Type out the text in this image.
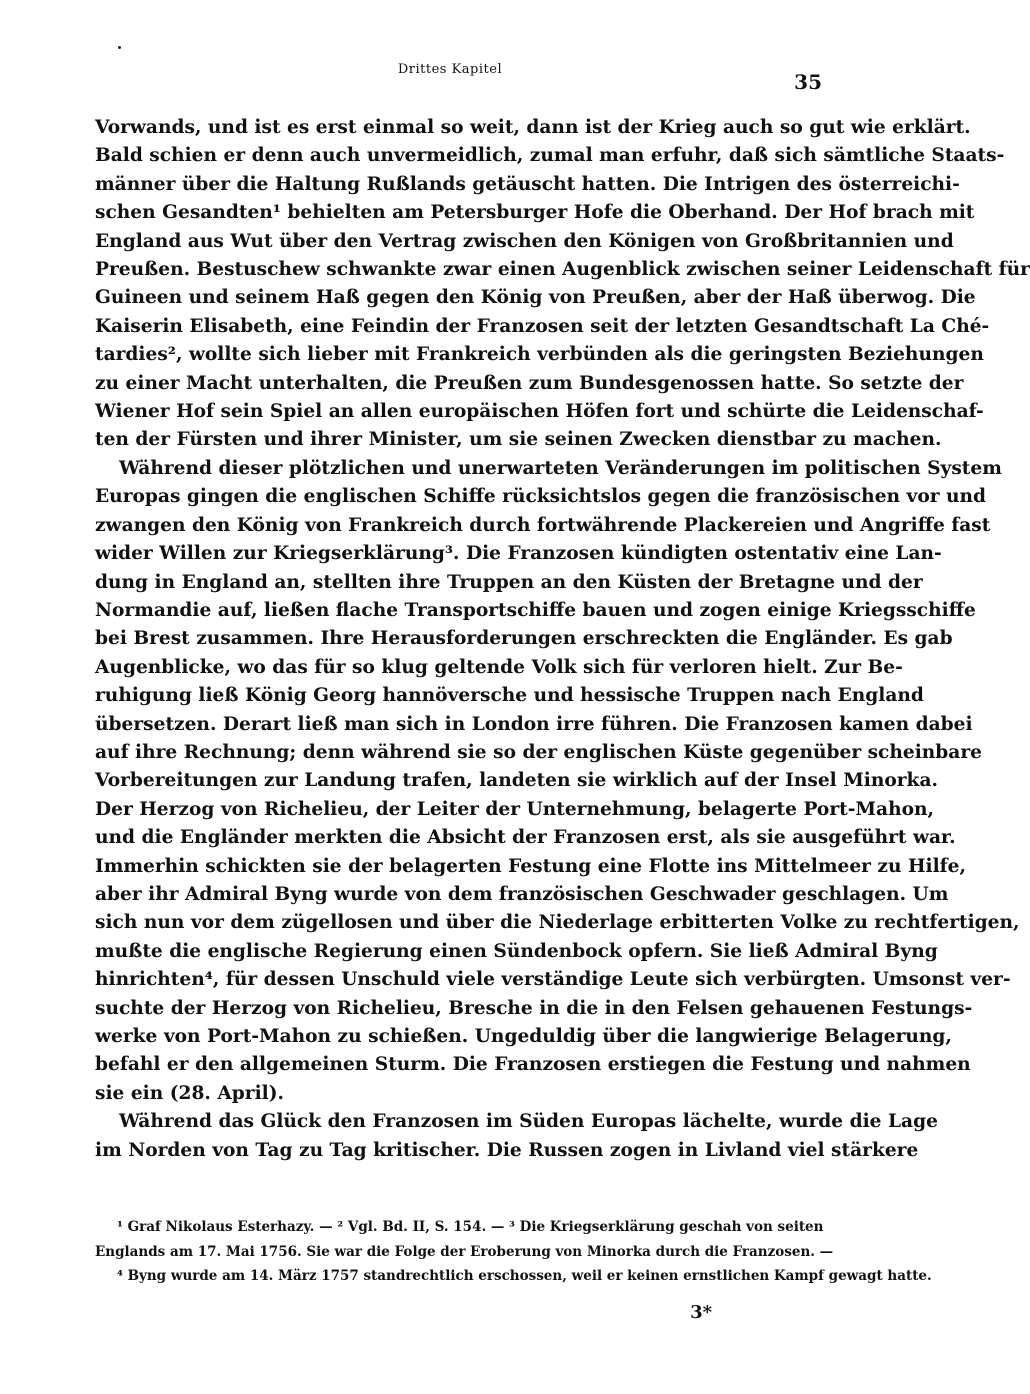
Drittes Kapitel
35
Vorwands, und ist es erst einmal so weit, dann ist der Krieg auch so gut wie erklärt.
Bald schien er denn auch unvermeidlich, zumal man erfuhr, daß sich sämtliche Staats-
männer über die Haltung Rußlands getäuscht hatten. Die Intrigen des österreichi-
schen Gesandten¹ behielten am Petersburger Hofe die Oberhand. Der Hof brach mit
England aus Wut über den Vertrag zwischen den Königen von Großbritannien und
Preußen. Bestuschew schwankte zwar einen Augenblick zwischen seiner Leidenschaft für
Guineen und seinem Haß gegen den König von Preußen, aber der Haß überwog. Die
Kaiserin Elisabeth, eine Feindin der Franzosen seit der letzten Gesandtschaft La Ché-
tardies², wollte sich lieber mit Frankreich verbünden als die geringsten Beziehungen
zu einer Macht unterhalten, die Preußen zum Bundesgenossen hatte. So setzte der
Wiener Hof sein Spiel an allen europäischen Höfen fort und schürte die Leidenschaf-
ten der Fürsten und ihrer Minister, um sie seinen Zwecken dienstbar zu machen.
Während dieser plötzlichen und unerwarteten Veränderungen im politischen System
Europas gingen die englischen Schiffe rücksichtslos gegen die französischen vor und
zwangen den König von Frankreich durch fortwährende Plackereien und Angriffe fast
wider Willen zur Kriegserklärung³. Die Franzosen kündigten ostentativ eine Lan-
dung in England an, stellten ihre Truppen an den Küsten der Bretagne und der
Normandie auf, ließen flache Transportschiffe bauen und zogen einige Kriegsschiffe
bei Brest zusammen. Ihre Herausforderungen erschreckten die Engländer. Es gab
Augenblicke, wo das für so klug geltende Volk sich für verloren hielt. Zur Be-
ruhigung ließ König Georg hannöversche und hessische Truppen nach England
übersetzen. Derart ließ man sich in London irre führen. Die Franzosen kamen dabei
auf ihre Rechnung; denn während sie so der englischen Küste gegenüber scheinbare
Vorbereitungen zur Landung trafen, landeten sie wirklich auf der Insel Minorka.
Der Herzog von Richelieu, der Leiter der Unternehmung, belagerte Port-Mahon,
und die Engländer merkten die Absicht der Franzosen erst, als sie ausgeführt war.
Immerhin schickten sie der belagerten Festung eine Flotte ins Mittelmeer zu Hilfe,
aber ihr Admiral Byng wurde von dem französischen Geschwader geschlagen. Um
sich nun vor dem zügellosen und über die Niederlage erbitterten Volke zu rechtfertigen,
mußte die englische Regierung einen Sündenbock opfern. Sie ließ Admiral Byng
hinrichten⁴, für dessen Unschuld viele verständige Leute sich verbürgten. Umsonst ver-
suchte der Herzog von Richelieu, Bresche in die in den Felsen gehauenen Festungs-
werke von Port-Mahon zu schießen. Ungeduldig über die langwierige Belagerung,
befahl er den allgemeinen Sturm. Die Franzosen erstiegen die Festung und nahmen
sie ein (28. April).
Während das Glück den Franzosen im Süden Europas lächelte, wurde die Lage
im Norden von Tag zu Tag kritischer. Die Russen zogen in Livland viel stärkere
¹ Graf Nikolaus Esterhazy. — ² Vgl. Bd. II, S. 154. — ³ Die Kriegserklärung geschah von seiten
Englands am 17. Mai 1756. Sie war die Folge der Eroberung von Minorka durch die Franzosen. —
⁴ Byng wurde am 14. März 1757 standrechtlich erschossen, weil er keinen ernstlichen Kampf gewagt hatte.
3*
